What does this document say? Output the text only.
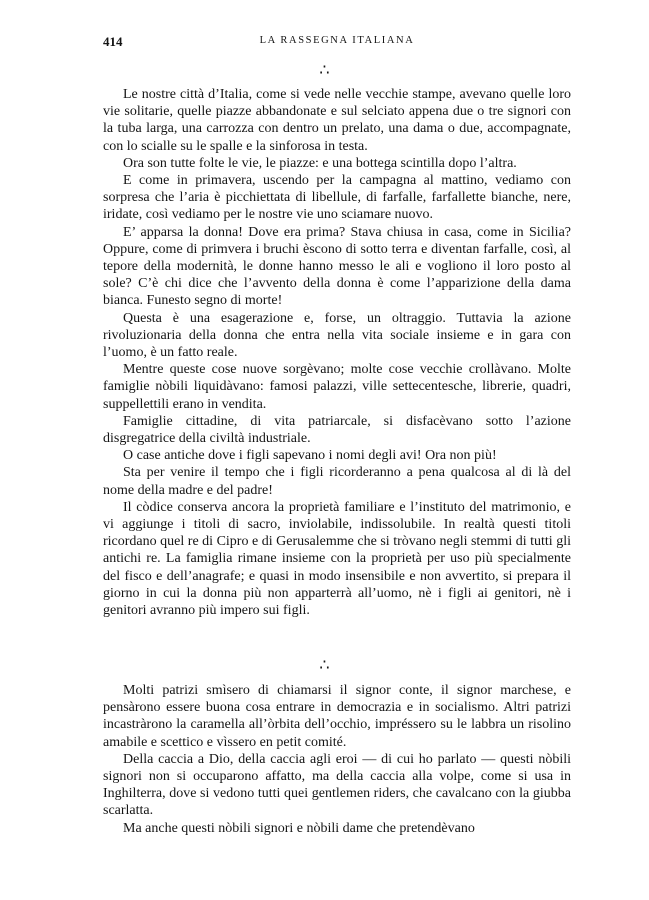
414	LA RASSEGNA ITALIANA
∴

Le nostre città d’Italia, come si vede nelle vecchie stampe, avevano quelle loro vie solitarie, quelle piazze abbandonate e sul selciato appena due o tre signori con la tuba larga, una carrozza con dentro un prelato, una dama o due, accompagnate, con lo scialle su le spalle e la sinforosa in testa.

Ora son tutte folte le vie, le piazze: e una bottega scintilla dopo l’altra.

E come in primavera, uscendo per la campagna al mattino, vediamo con sorpresa che l’aria è picchiettata di libellule, di farfalle, farfallette bianche, nere, iridate, così vediamo per le nostre vie uno sciamare nuovo.

E’ apparsa la donna! Dove era prima? Stava chiusa in casa, come in Sicilia? Oppure, come di primvera i bruchi èscono di sotto terra e diventan farfalle, così, al tepore della modernità, le donne hanno messo le ali e vogliono il loro posto al sole? C’è chi dice che l’avvento della donna è come l’apparizione della dama bianca. Funesto segno di morte!

Questa è una esagerazione e, forse, un oltraggio. Tuttavia la azione rivoluzionaria della donna che entra nella vita sociale insieme e in gara con l’uomo, è un fatto reale.

Mentre queste cose nuove sorgèvano; molte cose vecchie crollàvano. Molte famiglie nòbili liquidàvano: famosi palazzi, ville settecentesche, librerie, quadri, suppellettili erano in vendita.

Famiglie cittadine, di vita patriarcale, si disfacèvano sotto l’azione disgregatrice della civiltà industriale.

O case antiche dove i figli sapevano i nomi degli avi! Ora non più!

Sta per venire il tempo che i figli ricorderanno a pena qualcosa al di là del nome della madre e del padre!

Il còdice conserva ancora la proprietà familiare e l’instituto del matrimonio, e vi aggiunge i titoli di sacro, inviolabile, indissolubile. In realtà questi titoli ricordano quel re di Cipro e di Gerusalemme che si tròvano negli stemmi di tutti gli antichi re. La famiglia rimane insieme con la proprietà per uso più specialmente del fisco e dell’anagrafe; e quasi in modo insensibile e non avvertito, si prepara il giorno in cui la donna più non apparterrà all’uomo, nè i figli ai genitori, nè i genitori avranno più impero sui figli.

∴

Molti patrizi smìsero di chiamarsi il signor conte, il signor marchese, e pensàrono essere buona cosa entrare in democrazia e in socialismo. Altri patrizi incastràrono la caramella all’òrbita dell’occhio, impréssero su le labbra un risolino amabile e scettico e vìssero en petit comité.

Della caccia a Dio, della caccia agli eroi — di cui ho parlato — questi nòbili signori non si occuparono affatto, ma della caccia alla volpe, come si usa in Inghilterra, dove si vedono tutti quei gentlemen riders, che cavalcano con la giubba scarlatta.

Ma anche questi nòbili signori e nòbili dame che pretendèvano
